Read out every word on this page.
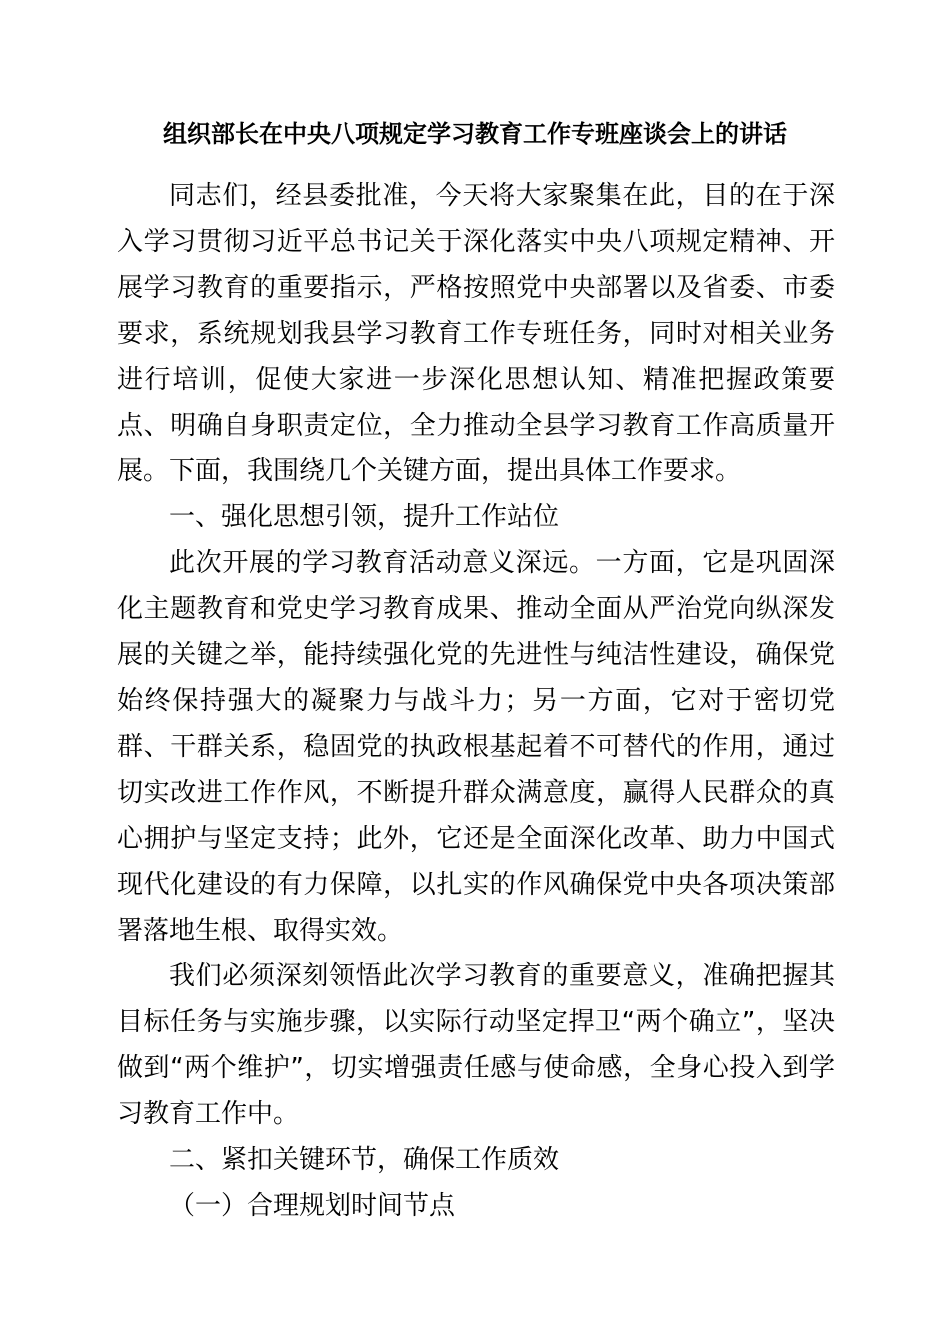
组织部长在中央八项规定学习教育工作专班座谈会上的讲话

同志们，经县委批准，今天将大家聚集在此，目的在于深入学习贯彻习近平总书记关于深化落实中央八项规定精神、开展学习教育的重要指示，严格按照党中央部署以及省委、市委要求，系统规划我县学习教育工作专班任务，同时对相关业务进行培训，促使大家进一步深化思想认知、精准把握政策要点、明确自身职责定位，全力推动全县学习教育工作高质量开展。下面，我围绕几个关键方面，提出具体工作要求。

一、强化思想引领，提升工作站位

此次开展的学习教育活动意义深远。一方面，它是巩固深化主题教育和党史学习教育成果、推动全面从严治党向纵深发展的关键之举，能持续强化党的先进性与纯洁性建设，确保党始终保持强大的凝聚力与战斗力；另一方面，它对于密切党群、干群关系，稳固党的执政根基起着不可替代的作用，通过切实改进工作作风，不断提升群众满意度，赢得人民群众的真心拥护与坚定支持；此外，它还是全面深化改革、助力中国式现代化建设的有力保障，以扎实的作风确保党中央各项决策部署落地生根、取得实效。

我们必须深刻领悟此次学习教育的重要意义，准确把握其目标任务与实施步骤，以实际行动坚定捍卫“两个确立”，坚决做到“两个维护”，切实增强责任感与使命感，全身心投入到学习教育工作中。

二、紧扣关键环节，确保工作质效

（一）合理规划时间节点
